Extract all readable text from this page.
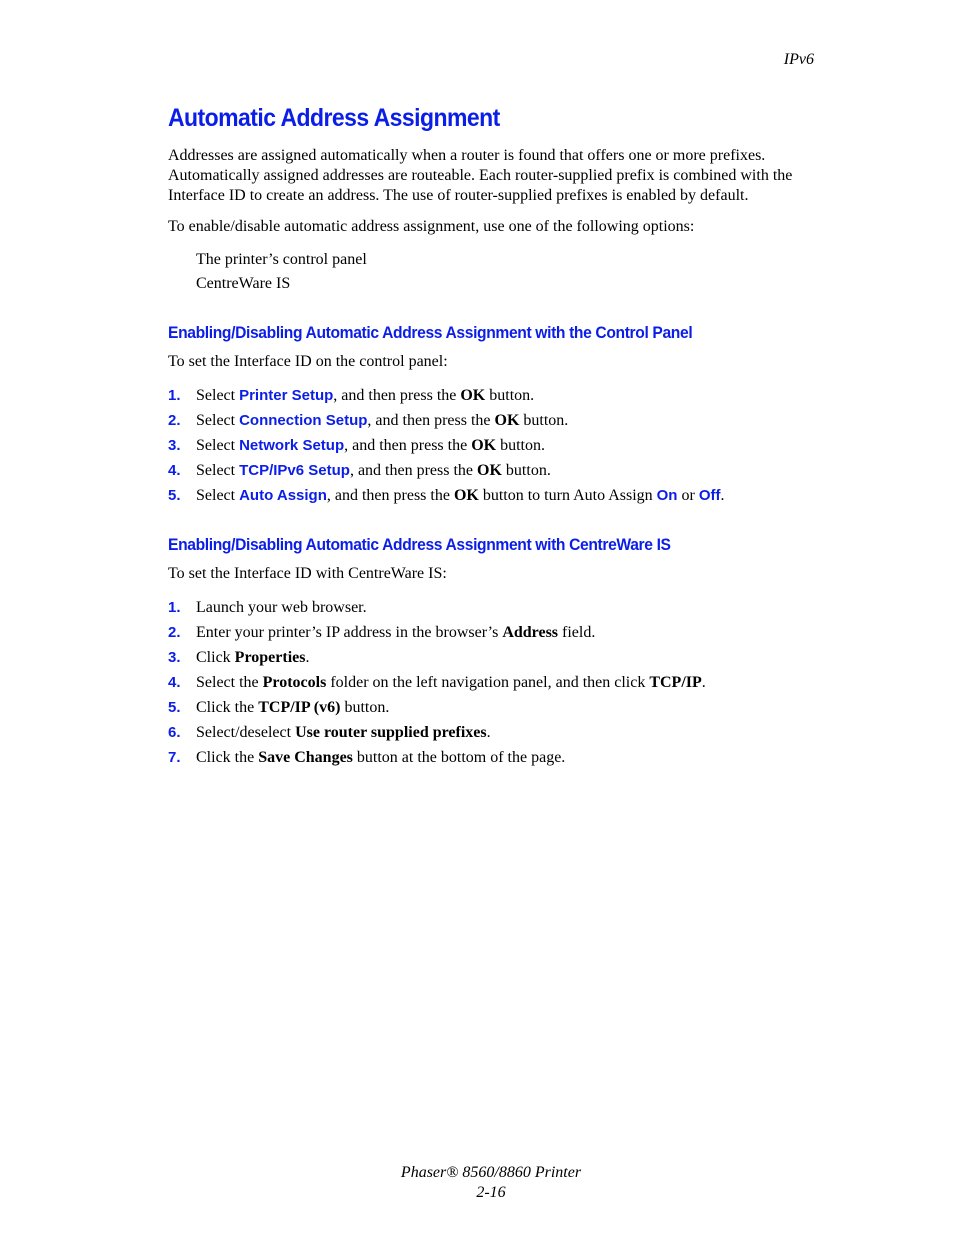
IPv6
Automatic Address Assignment

Addresses are assigned automatically when a router is found that offers one or more prefixes. Automatically assigned addresses are routeable. Each router-supplied prefix is combined with the Interface ID to create an address. The use of router-supplied prefixes is enabled by default.

To enable/disable automatic address assignment, use one of the following options:

The printer’s control panel
CentreWare IS
Enabling/Disabling Automatic Address Assignment with the Control Panel

To set the Interface ID on the control panel:

1. Select Printer Setup, and then press the OK button.
2. Select Connection Setup, and then press the OK button.
3. Select Network Setup, and then press the OK button.
4. Select TCP/IPv6 Setup, and then press the OK button.
5. Select Auto Assign, and then press the OK button to turn Auto Assign On or Off.
Enabling/Disabling Automatic Address Assignment with CentreWare IS

To set the Interface ID with CentreWare IS:

1. Launch your web browser.
2. Enter your printer’s IP address in the browser’s Address field.
3. Click Properties.
4. Select the Protocols folder on the left navigation panel, and then click TCP/IP.
5. Click the TCP/IP (v6) button.
6. Select/deselect Use router supplied prefixes.
7. Click the Save Changes button at the bottom of the page.
Phaser® 8560/8860 Printer
2-16
